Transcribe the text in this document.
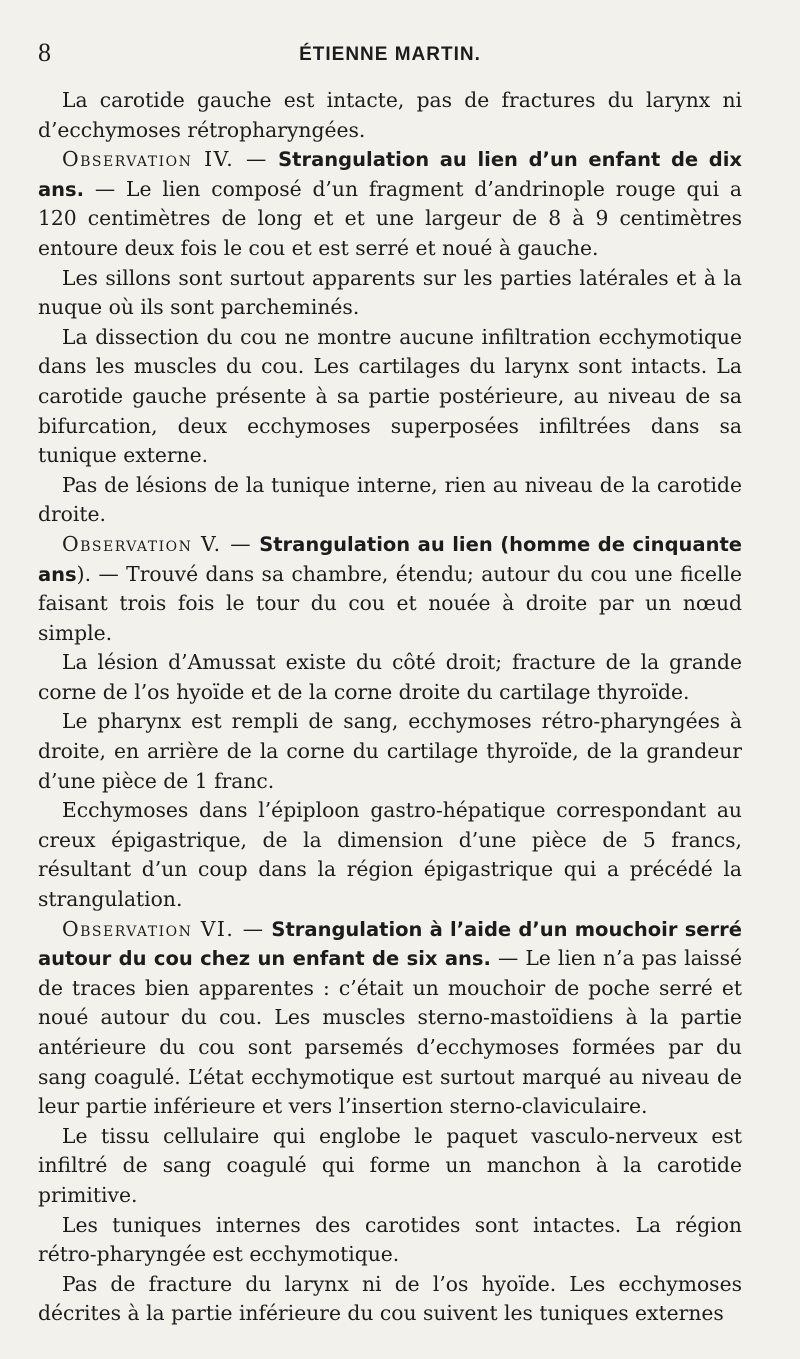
8	ÉTIENNE MARTIN.

La carotide gauche est intacte, pas de fractures du larynx ni d’ecchymoses rétropharyngées.

Observation IV. — Strangulation au lien d’un enfant de dix ans. — Le lien composé d’un fragment d’andrinople rouge qui a 120 centimètres de long et et une largeur de 8 à 9 centimètres entoure deux fois le cou et est serré et noué à gauche.

Les sillons sont surtout apparents sur les parties latérales et à la nuque où ils sont parcheminés.

La dissection du cou ne montre aucune infiltration ecchymotique dans les muscles du cou. Les cartilages du larynx sont intacts. La carotide gauche présente à sa partie postérieure, au niveau de sa bifurcation, deux ecchymoses superposées infiltrées dans sa tunique externe.

Pas de lésions de la tunique interne, rien au niveau de la carotide droite.

Observation V. — Strangulation au lien (homme de cinquante ans). — Trouvé dans sa chambre, étendu; autour du cou une ficelle faisant trois fois le tour du cou et nouée à droite par un nœud simple.

La lésion d’Amussat existe du côté droit; fracture de la grande corne de l’os hyoïde et de la corne droite du cartilage thyroïde.

Le pharynx est rempli de sang, ecchymoses rétro-pharyngées à droite, en arrière de la corne du cartilage thyroïde, de la grandeur d’une pièce de 1 franc.

Ecchymoses dans l’épiploon gastro-hépatique correspondant au creux épigastrique, de la dimension d’une pièce de 5 francs, résultant d’un coup dans la région épigastrique qui a précédé la strangulation.

Observation VI. — Strangulation à l’aide d’un mouchoir serré autour du cou chez un enfant de six ans. — Le lien n’a pas laissé de traces bien apparentes : c’était un mouchoir de poche serré et noué autour du cou. Les muscles sterno-mastoïdiens à la partie antérieure du cou sont parsemés d’ecchymoses formées par du sang coagulé. L’état ecchymotique est surtout marqué au niveau de leur partie inférieure et vers l’insertion sterno-claviculaire.

Le tissu cellulaire qui englobe le paquet vasculo-nerveux est infiltré de sang coagulé qui forme un manchon à la carotide primitive.

Les tuniques internes des carotides sont intactes. La région rétro-pharyngée est ecchymotique.

Pas de fracture du larynx ni de l’os hyoïde. Les ecchymoses décrites à la partie inférieure du cou suivent les tuniques externes
